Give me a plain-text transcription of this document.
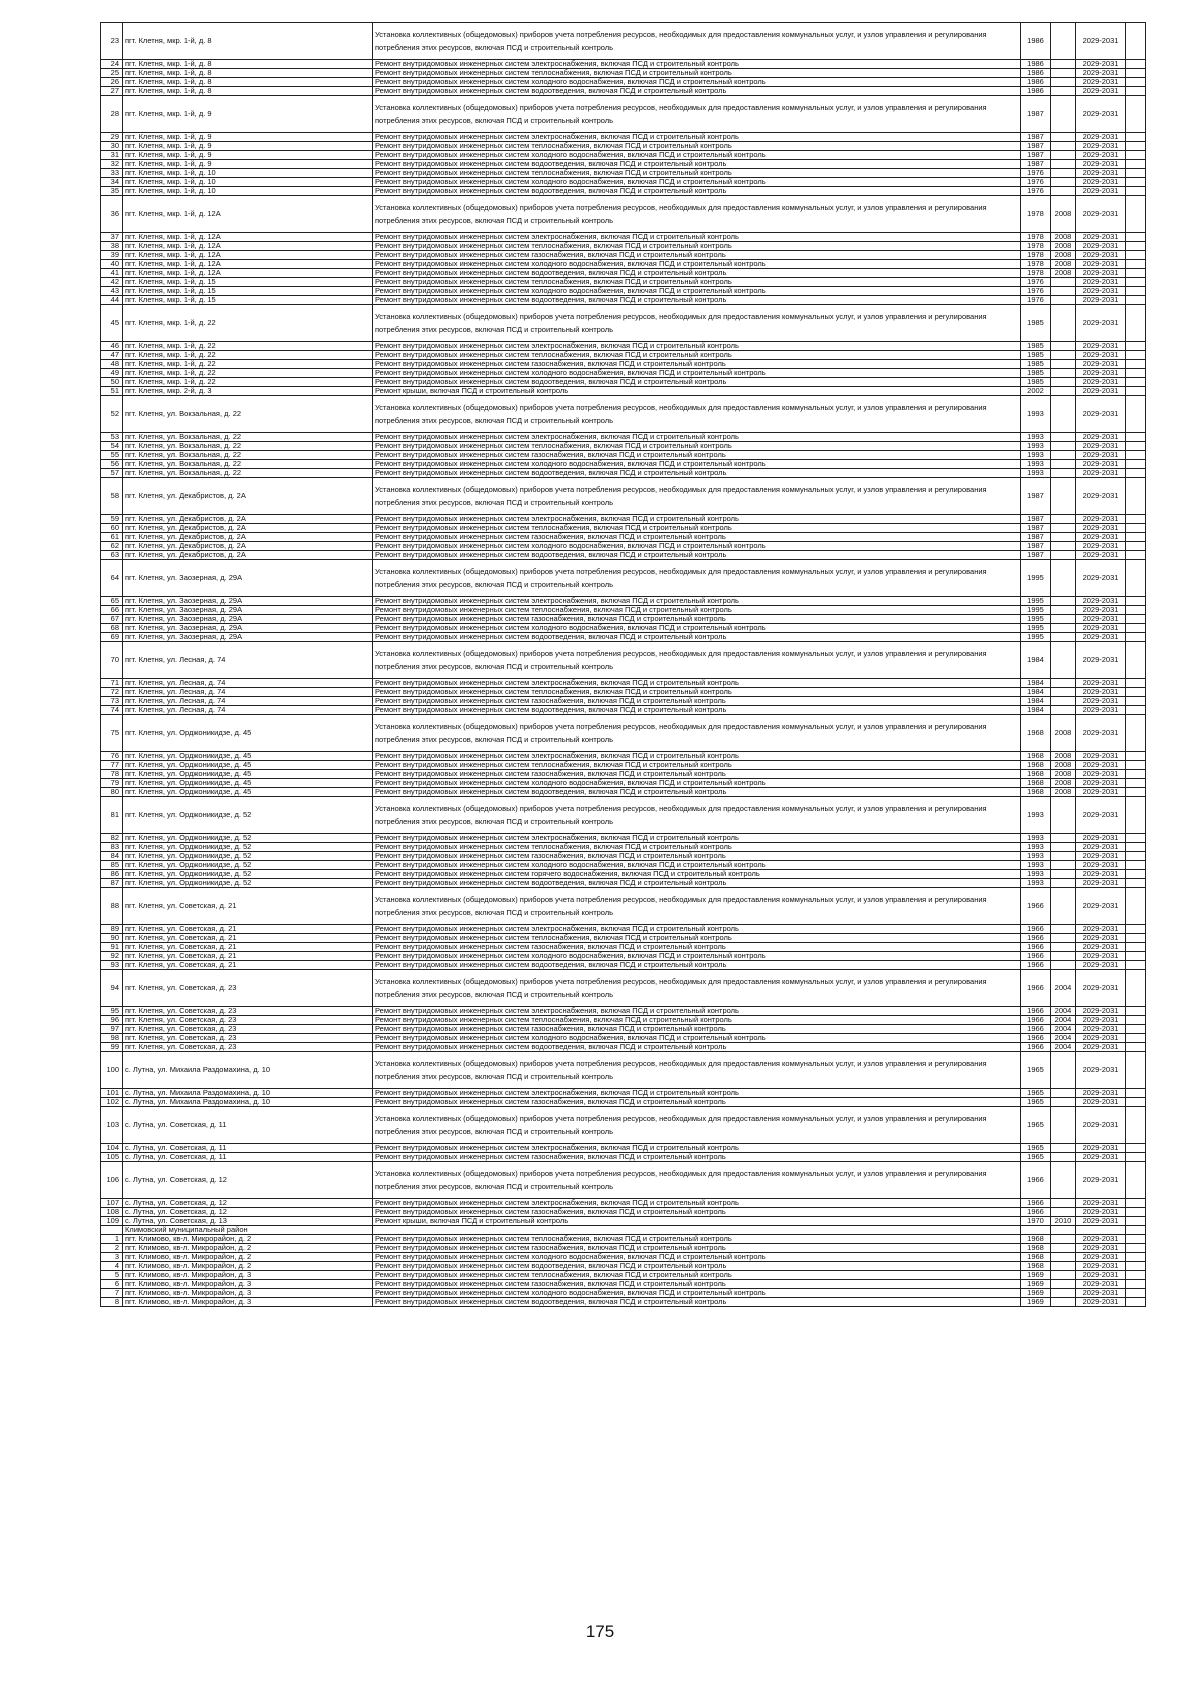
23	пгт. Клетня, мкр. 1-й, д. 8	Установка коллективных (общедомовых) приборов учета потребления ресурсов, необходимых для предоставления коммунальных услуг, и узлов управления и регулирования потребления этих ресурсов, включая ПСД и строительный контроль	1986		2029-2031	
24	пгт. Клетня, мкр. 1-й, д. 8	Ремонт внутридомовых инженерных систем электроснабжения, включая ПСД и строительный контроль	1986		2029-2031	
25	пгт. Клетня, мкр. 1-й, д. 8	Ремонт внутридомовых инженерных систем теплоснабжения, включая ПСД и строительный контроль	1986		2029-2031	
26	пгт. Клетня, мкр. 1-й, д. 8	Ремонт внутридомовых инженерных систем холодного водоснабжения, включая ПСД и строительный контроль	1986		2029-2031	
27	пгт. Клетня, мкр. 1-й, д. 8	Ремонт внутридомовых инженерных систем водоотведения, включая ПСД и строительный контроль	1986		2029-2031	
28	пгт. Клетня, мкр. 1-й, д. 9	Установка коллективных (общедомовых) приборов учета потребления ресурсов, необходимых для предоставления коммунальных услуг, и узлов управления и регулирования потребления этих ресурсов, включая ПСД и строительный контроль	1987		2029-2031	
29	пгт. Клетня, мкр. 1-й, д. 9	Ремонт внутридомовых инженерных систем электроснабжения, включая ПСД и строительный контроль	1987		2029-2031	
30	пгт. Клетня, мкр. 1-й, д. 9	Ремонт внутридомовых инженерных систем теплоснабжения, включая ПСД и строительный контроль	1987		2029-2031	
31	пгт. Клетня, мкр. 1-й, д. 9	Ремонт внутридомовых инженерных систем холодного водоснабжения, включая ПСД и строительный контроль	1987		2029-2031	
32	пгт. Клетня, мкр. 1-й, д. 9	Ремонт внутридомовых инженерных систем водоотведения, включая ПСД и строительный контроль	1987		2029-2031	
33	пгт. Клетня, мкр. 1-й, д. 10	Ремонт внутридомовых инженерных систем теплоснабжения, включая ПСД и строительный контроль	1976		2029-2031	
34	пгт. Клетня, мкр. 1-й, д. 10	Ремонт внутридомовых инженерных систем холодного водоснабжения, включая ПСД и строительный контроль	1976		2029-2031	
35	пгт. Клетня, мкр. 1-й, д. 10	Ремонт внутридомовых инженерных систем водоотведения, включая ПСД и строительный контроль	1976		2029-2031	
36	пгт. Клетня, мкр. 1-й, д. 12А	Установка коллективных (общедомовых) приборов учета потребления ресурсов, необходимых для предоставления коммунальных услуг, и узлов управления и регулирования потребления этих ресурсов, включая ПСД и строительный контроль	1978	2008	2029-2031	
37	пгт. Клетня, мкр. 1-й, д. 12А	Ремонт внутридомовых инженерных систем электроснабжения, включая ПСД и строительный контроль	1978	2008	2029-2031	
38	пгт. Клетня, мкр. 1-й, д. 12А	Ремонт внутридомовых инженерных систем теплоснабжения, включая ПСД и строительный контроль	1978	2008	2029-2031	
39	пгт. Клетня, мкр. 1-й, д. 12А	Ремонт внутридомовых инженерных систем газоснабжения, включая ПСД и строительный контроль	1978	2008	2029-2031	
40	пгт. Клетня, мкр. 1-й, д. 12А	Ремонт внутридомовых инженерных систем холодного водоснабжения, включая ПСД и строительный контроль	1978	2008	2029-2031	
41	пгт. Клетня, мкр. 1-й, д. 12А	Ремонт внутридомовых инженерных систем водоотведения, включая ПСД и строительный контроль	1978	2008	2029-2031	
42	пгт. Клетня, мкр. 1-й, д. 15	Ремонт внутридомовых инженерных систем теплоснабжения, включая ПСД и строительный контроль	1976		2029-2031	
43	пгт. Клетня, мкр. 1-й, д. 15	Ремонт внутридомовых инженерных систем холодного водоснабжения, включая ПСД и строительный контроль	1976		2029-2031	
44	пгт. Клетня, мкр. 1-й, д. 15	Ремонт внутридомовых инженерных систем водоотведения, включая ПСД и строительный контроль	1976		2029-2031	
45	пгт. Клетня, мкр. 1-й, д. 22	Установка коллективных (общедомовых) приборов учета потребления ресурсов, необходимых для предоставления коммунальных услуг, и узлов управления и регулирования потребления этих ресурсов, включая ПСД и строительный контроль	1985		2029-2031	
46	пгт. Клетня, мкр. 1-й, д. 22	Ремонт внутридомовых инженерных систем электроснабжения, включая ПСД и строительный контроль	1985		2029-2031	
47	пгт. Клетня, мкр. 1-й, д. 22	Ремонт внутридомовых инженерных систем теплоснабжения, включая ПСД и строительный контроль	1985		2029-2031	
48	пгт. Клетня, мкр. 1-й, д. 22	Ремонт внутридомовых инженерных систем газоснабжения, включая ПСД и строительный контроль	1985		2029-2031	
49	пгт. Клетня, мкр. 1-й, д. 22	Ремонт внутридомовых инженерных систем холодного водоснабжения, включая ПСД и строительный контроль	1985		2029-2031	
50	пгт. Клетня, мкр. 1-й, д. 22	Ремонт внутридомовых инженерных систем водоотведения, включая ПСД и строительный контроль	1985		2029-2031	
51	пгт. Клетня, мкр. 2-й, д. 3	Ремонт крыши, включая ПСД и строительный контроль	2002		2029-2031	
52	пгт. Клетня, ул. Вокзальная, д. 22	Установка коллективных (общедомовых) приборов учета потребления ресурсов, необходимых для предоставления коммунальных услуг, и узлов управления и регулирования потребления этих ресурсов, включая ПСД и строительный контроль	1993		2029-2031	
53	пгт. Клетня, ул. Вокзальная, д. 22	Ремонт внутридомовых инженерных систем электроснабжения, включая ПСД и строительный контроль	1993		2029-2031	
54	пгт. Клетня, ул. Вокзальная, д. 22	Ремонт внутридомовых инженерных систем теплоснабжения, включая ПСД и строительный контроль	1993		2029-2031	
55	пгт. Клетня, ул. Вокзальная, д. 22	Ремонт внутридомовых инженерных систем газоснабжения, включая ПСД и строительный контроль	1993		2029-2031	
56	пгт. Клетня, ул. Вокзальная, д. 22	Ремонт внутридомовых инженерных систем холодного водоснабжения, включая ПСД и строительный контроль	1993		2029-2031	
57	пгт. Клетня, ул. Вокзальная, д. 22	Ремонт внутридомовых инженерных систем водоотведения, включая ПСД и строительный контроль	1993		2029-2031	
58	пгт. Клетня, ул. Декабристов, д. 2А	Установка коллективных (общедомовых) приборов учета потребления ресурсов, необходимых для предоставления коммунальных услуг, и узлов управления и регулирования потребления этих ресурсов, включая ПСД и строительный контроль	1987		2029-2031	
59	пгт. Клетня, ул. Декабристов, д. 2А	Ремонт внутридомовых инженерных систем электроснабжения, включая ПСД и строительный контроль	1987		2029-2031	
60	пгт. Клетня, ул. Декабристов, д. 2А	Ремонт внутридомовых инженерных систем теплоснабжения, включая ПСД и строительный контроль	1987		2029-2031	
61	пгт. Клетня, ул. Декабристов, д. 2А	Ремонт внутридомовых инженерных систем газоснабжения, включая ПСД и строительный контроль	1987		2029-2031	
62	пгт. Клетня, ул. Декабристов, д. 2А	Ремонт внутридомовых инженерных систем холодного водоснабжения, включая ПСД и строительный контроль	1987		2029-2031	
63	пгт. Клетня, ул. Декабристов, д. 2А	Ремонт внутридомовых инженерных систем водоотведения, включая ПСД и строительный контроль	1987		2029-2031	
64	пгт. Клетня, ул. Заозерная, д. 29А	Установка коллективных (общедомовых) приборов учета потребления ресурсов, необходимых для предоставления коммунальных услуг, и узлов управления и регулирования потребления этих ресурсов, включая ПСД и строительный контроль	1995		2029-2031	
65	пгт. Клетня, ул. Заозерная, д. 29А	Ремонт внутридомовых инженерных систем электроснабжения, включая ПСД и строительный контроль	1995		2029-2031	
66	пгт. Клетня, ул. Заозерная, д. 29А	Ремонт внутридомовых инженерных систем теплоснабжения, включая ПСД и строительный контроль	1995		2029-2031	
67	пгт. Клетня, ул. Заозерная, д. 29А	Ремонт внутридомовых инженерных систем газоснабжения, включая ПСД и строительный контроль	1995		2029-2031	
68	пгт. Клетня, ул. Заозерная, д. 29А	Ремонт внутридомовых инженерных систем холодного водоснабжения, включая ПСД и строительный контроль	1995		2029-2031	
69	пгт. Клетня, ул. Заозерная, д. 29А	Ремонт внутридомовых инженерных систем водоотведения, включая ПСД и строительный контроль	1995		2029-2031	
70	пгт. Клетня, ул. Лесная, д. 74	Установка коллективных (общедомовых) приборов учета потребления ресурсов, необходимых для предоставления коммунальных услуг, и узлов управления и регулирования потребления этих ресурсов, включая ПСД и строительный контроль	1984		2029-2031	
71	пгт. Клетня, ул. Лесная, д. 74	Ремонт внутридомовых инженерных систем электроснабжения, включая ПСД и строительный контроль	1984		2029-2031	
72	пгт. Клетня, ул. Лесная, д. 74	Ремонт внутридомовых инженерных систем теплоснабжения, включая ПСД и строительный контроль	1984		2029-2031	
73	пгт. Клетня, ул. Лесная, д. 74	Ремонт внутридомовых инженерных систем газоснабжения, включая ПСД и строительный контроль	1984		2029-2031	
74	пгт. Клетня, ул. Лесная, д. 74	Ремонт внутридомовых инженерных систем водоотведения, включая ПСД и строительный контроль	1984		2029-2031	
75	пгт. Клетня, ул. Орджоникидзе, д. 45	Установка коллективных (общедомовых) приборов учета потребления ресурсов, необходимых для предоставления коммунальных услуг, и узлов управления и регулирования потребления этих ресурсов, включая ПСД и строительный контроль	1968	2008	2029-2031	
76	пгт. Клетня, ул. Орджоникидзе, д. 45	Ремонт внутридомовых инженерных систем электроснабжения, включая ПСД и строительный контроль	1968	2008	2029-2031	
77	пгт. Клетня, ул. Орджоникидзе, д. 45	Ремонт внутридомовых инженерных систем теплоснабжения, включая ПСД и строительный контроль	1968	2008	2029-2031	
78	пгт. Клетня, ул. Орджоникидзе, д. 45	Ремонт внутридомовых инженерных систем газоснабжения, включая ПСД и строительный контроль	1968	2008	2029-2031	
79	пгт. Клетня, ул. Орджоникидзе, д. 45	Ремонт внутридомовых инженерных систем холодного водоснабжения, включая ПСД и строительный контроль	1968	2008	2029-2031	
80	пгт. Клетня, ул. Орджоникидзе, д. 45	Ремонт внутридомовых инженерных систем водоотведения, включая ПСД и строительный контроль	1968	2008	2029-2031	
81	пгт. Клетня, ул. Орджоникидзе, д. 52	Установка коллективных (общедомовых) приборов учета потребления ресурсов, необходимых для предоставления коммунальных услуг, и узлов управления и регулирования потребления этих ресурсов, включая ПСД и строительный контроль	1993		2029-2031	
82	пгт. Клетня, ул. Орджоникидзе, д. 52	Ремонт внутридомовых инженерных систем электроснабжения, включая ПСД и строительный контроль	1993		2029-2031	
83	пгт. Клетня, ул. Орджоникидзе, д. 52	Ремонт внутридомовых инженерных систем теплоснабжения, включая ПСД и строительный контроль	1993		2029-2031	
84	пгт. Клетня, ул. Орджоникидзе, д. 52	Ремонт внутридомовых инженерных систем газоснабжения, включая ПСД и строительный контроль	1993		2029-2031	
85	пгт. Клетня, ул. Орджоникидзе, д. 52	Ремонт внутридомовых инженерных систем холодного водоснабжения, включая ПСД и строительный контроль	1993		2029-2031	
86	пгт. Клетня, ул. Орджоникидзе, д. 52	Ремонт внутридомовых инженерных систем горячего водоснабжения, включая ПСД и строительный контроль	1993		2029-2031	
87	пгт. Клетня, ул. Орджоникидзе, д. 52	Ремонт внутридомовых инженерных систем водоотведения, включая ПСД и строительный контроль	1993		2029-2031	
88	пгт. Клетня, ул. Советская, д. 21	Установка коллективных (общедомовых) приборов учета потребления ресурсов, необходимых для предоставления коммунальных услуг, и узлов управления и регулирования потребления этих ресурсов, включая ПСД и строительный контроль	1966		2029-2031	
89	пгт. Клетня, ул. Советская, д. 21	Ремонт внутридомовых инженерных систем электроснабжения, включая ПСД и строительный контроль	1966		2029-2031	
90	пгт. Клетня, ул. Советская, д. 21	Ремонт внутридомовых инженерных систем теплоснабжения, включая ПСД и строительный контроль	1966		2029-2031	
91	пгт. Клетня, ул. Советская, д. 21	Ремонт внутридомовых инженерных систем газоснабжения, включая ПСД и строительный контроль	1966		2029-2031	
92	пгт. Клетня, ул. Советская, д. 21	Ремонт внутридомовых инженерных систем холодного водоснабжения, включая ПСД и строительный контроль	1966		2029-2031	
93	пгт. Клетня, ул. Советская, д. 21	Ремонт внутридомовых инженерных систем водоотведения, включая ПСД и строительный контроль	1966		2029-2031	
94	пгт. Клетня, ул. Советская, д. 23	Установка коллективных (общедомовых) приборов учета потребления ресурсов, необходимых для предоставления коммунальных услуг, и узлов управления и регулирования потребления этих ресурсов, включая ПСД и строительный контроль	1966	2004	2029-2031	
95	пгт. Клетня, ул. Советская, д. 23	Ремонт внутридомовых инженерных систем электроснабжения, включая ПСД и строительный контроль	1966	2004	2029-2031	
96	пгт. Клетня, ул. Советская, д. 23	Ремонт внутридомовых инженерных систем теплоснабжения, включая ПСД и строительный контроль	1966	2004	2029-2031	
97	пгт. Клетня, ул. Советская, д. 23	Ремонт внутридомовых инженерных систем газоснабжения, включая ПСД и строительный контроль	1966	2004	2029-2031	
98	пгт. Клетня, ул. Советская, д. 23	Ремонт внутридомовых инженерных систем холодного водоснабжения, включая ПСД и строительный контроль	1966	2004	2029-2031	
99	пгт. Клетня, ул. Советская, д. 23	Ремонт внутридомовых инженерных систем водоотведения, включая ПСД и строительный контроль	1966	2004	2029-2031	
100	с. Лутна, ул. Михаила Раздомахина, д. 10	Установка коллективных (общедомовых) приборов учета потребления ресурсов, необходимых для предоставления коммунальных услуг, и узлов управления и регулирования потребления этих ресурсов, включая ПСД и строительный контроль	1965		2029-2031	
101	с. Лутна, ул. Михаила Раздомахина, д. 10	Ремонт внутридомовых инженерных систем электроснабжения, включая ПСД и строительный контроль	1965		2029-2031	
102	с. Лутна, ул. Михаила Раздомахина, д. 10	Ремонт внутридомовых инженерных систем газоснабжения, включая ПСД и строительный контроль	1965		2029-2031	
103	с. Лутна, ул. Советская, д. 11	Установка коллективных (общедомовых) приборов учета потребления ресурсов, необходимых для предоставления коммунальных услуг, и узлов управления и регулирования потребления этих ресурсов, включая ПСД и строительный контроль	1965		2029-2031	
104	с. Лутна, ул. Советская, д. 11	Ремонт внутридомовых инженерных систем электроснабжения, включая ПСД и строительный контроль	1965		2029-2031	
105	с. Лутна, ул. Советская, д. 11	Ремонт внутридомовых инженерных систем газоснабжения, включая ПСД и строительный контроль	1965		2029-2031	
106	с. Лутна, ул. Советская, д. 12	Установка коллективных (общедомовых) приборов учета потребления ресурсов, необходимых для предоставления коммунальных услуг, и узлов управления и регулирования потребления этих ресурсов, включая ПСД и строительный контроль	1966		2029-2031	
107	с. Лутна, ул. Советская, д. 12	Ремонт внутридомовых инженерных систем электроснабжения, включая ПСД и строительный контроль	1966		2029-2031	
108	с. Лутна, ул. Советская, д. 12	Ремонт внутридомовых инженерных систем газоснабжения, включая ПСД и строительный контроль	1966		2029-2031	
109	с. Лутна, ул. Советская, д. 13	Ремонт крыши, включая ПСД и строительный контроль	1970	2010	2029-2031	
	Климовский муниципальный район					
1	пгт. Климово, кв-л. Микрорайон, д. 2	Ремонт внутридомовых инженерных систем теплоснабжения, включая ПСД и строительный контроль	1968		2029-2031	
2	пгт. Климово, кв-л. Микрорайон, д. 2	Ремонт внутридомовых инженерных систем газоснабжения, включая ПСД и строительный контроль	1968		2029-2031	
3	пгт. Климово, кв-л. Микрорайон, д. 2	Ремонт внутридомовых инженерных систем холодного водоснабжения, включая ПСД и строительный контроль	1968		2029-2031	
4	пгт. Климово, кв-л. Микрорайон, д. 2	Ремонт внутридомовых инженерных систем водоотведения, включая ПСД и строительный контроль	1968		2029-2031	
5	пгт. Климово, кв-л. Микрорайон, д. 3	Ремонт внутридомовых инженерных систем теплоснабжения, включая ПСД и строительный контроль	1969		2029-2031	
6	пгт. Климово, кв-л. Микрорайон, д. 3	Ремонт внутридомовых инженерных систем газоснабжения, включая ПСД и строительный контроль	1969		2029-2031	
7	пгт. Климово, кв-л. Микрорайон, д. 3	Ремонт внутридомовых инженерных систем холодного водоснабжения, включая ПСД и строительный контроль	1969		2029-2031	
8	пгт. Климово, кв-л. Микрорайон, д. 3	Ремонт внутридомовых инженерных систем водоотведения, включая ПСД и строительный контроль	1969		2029-2031	
175
